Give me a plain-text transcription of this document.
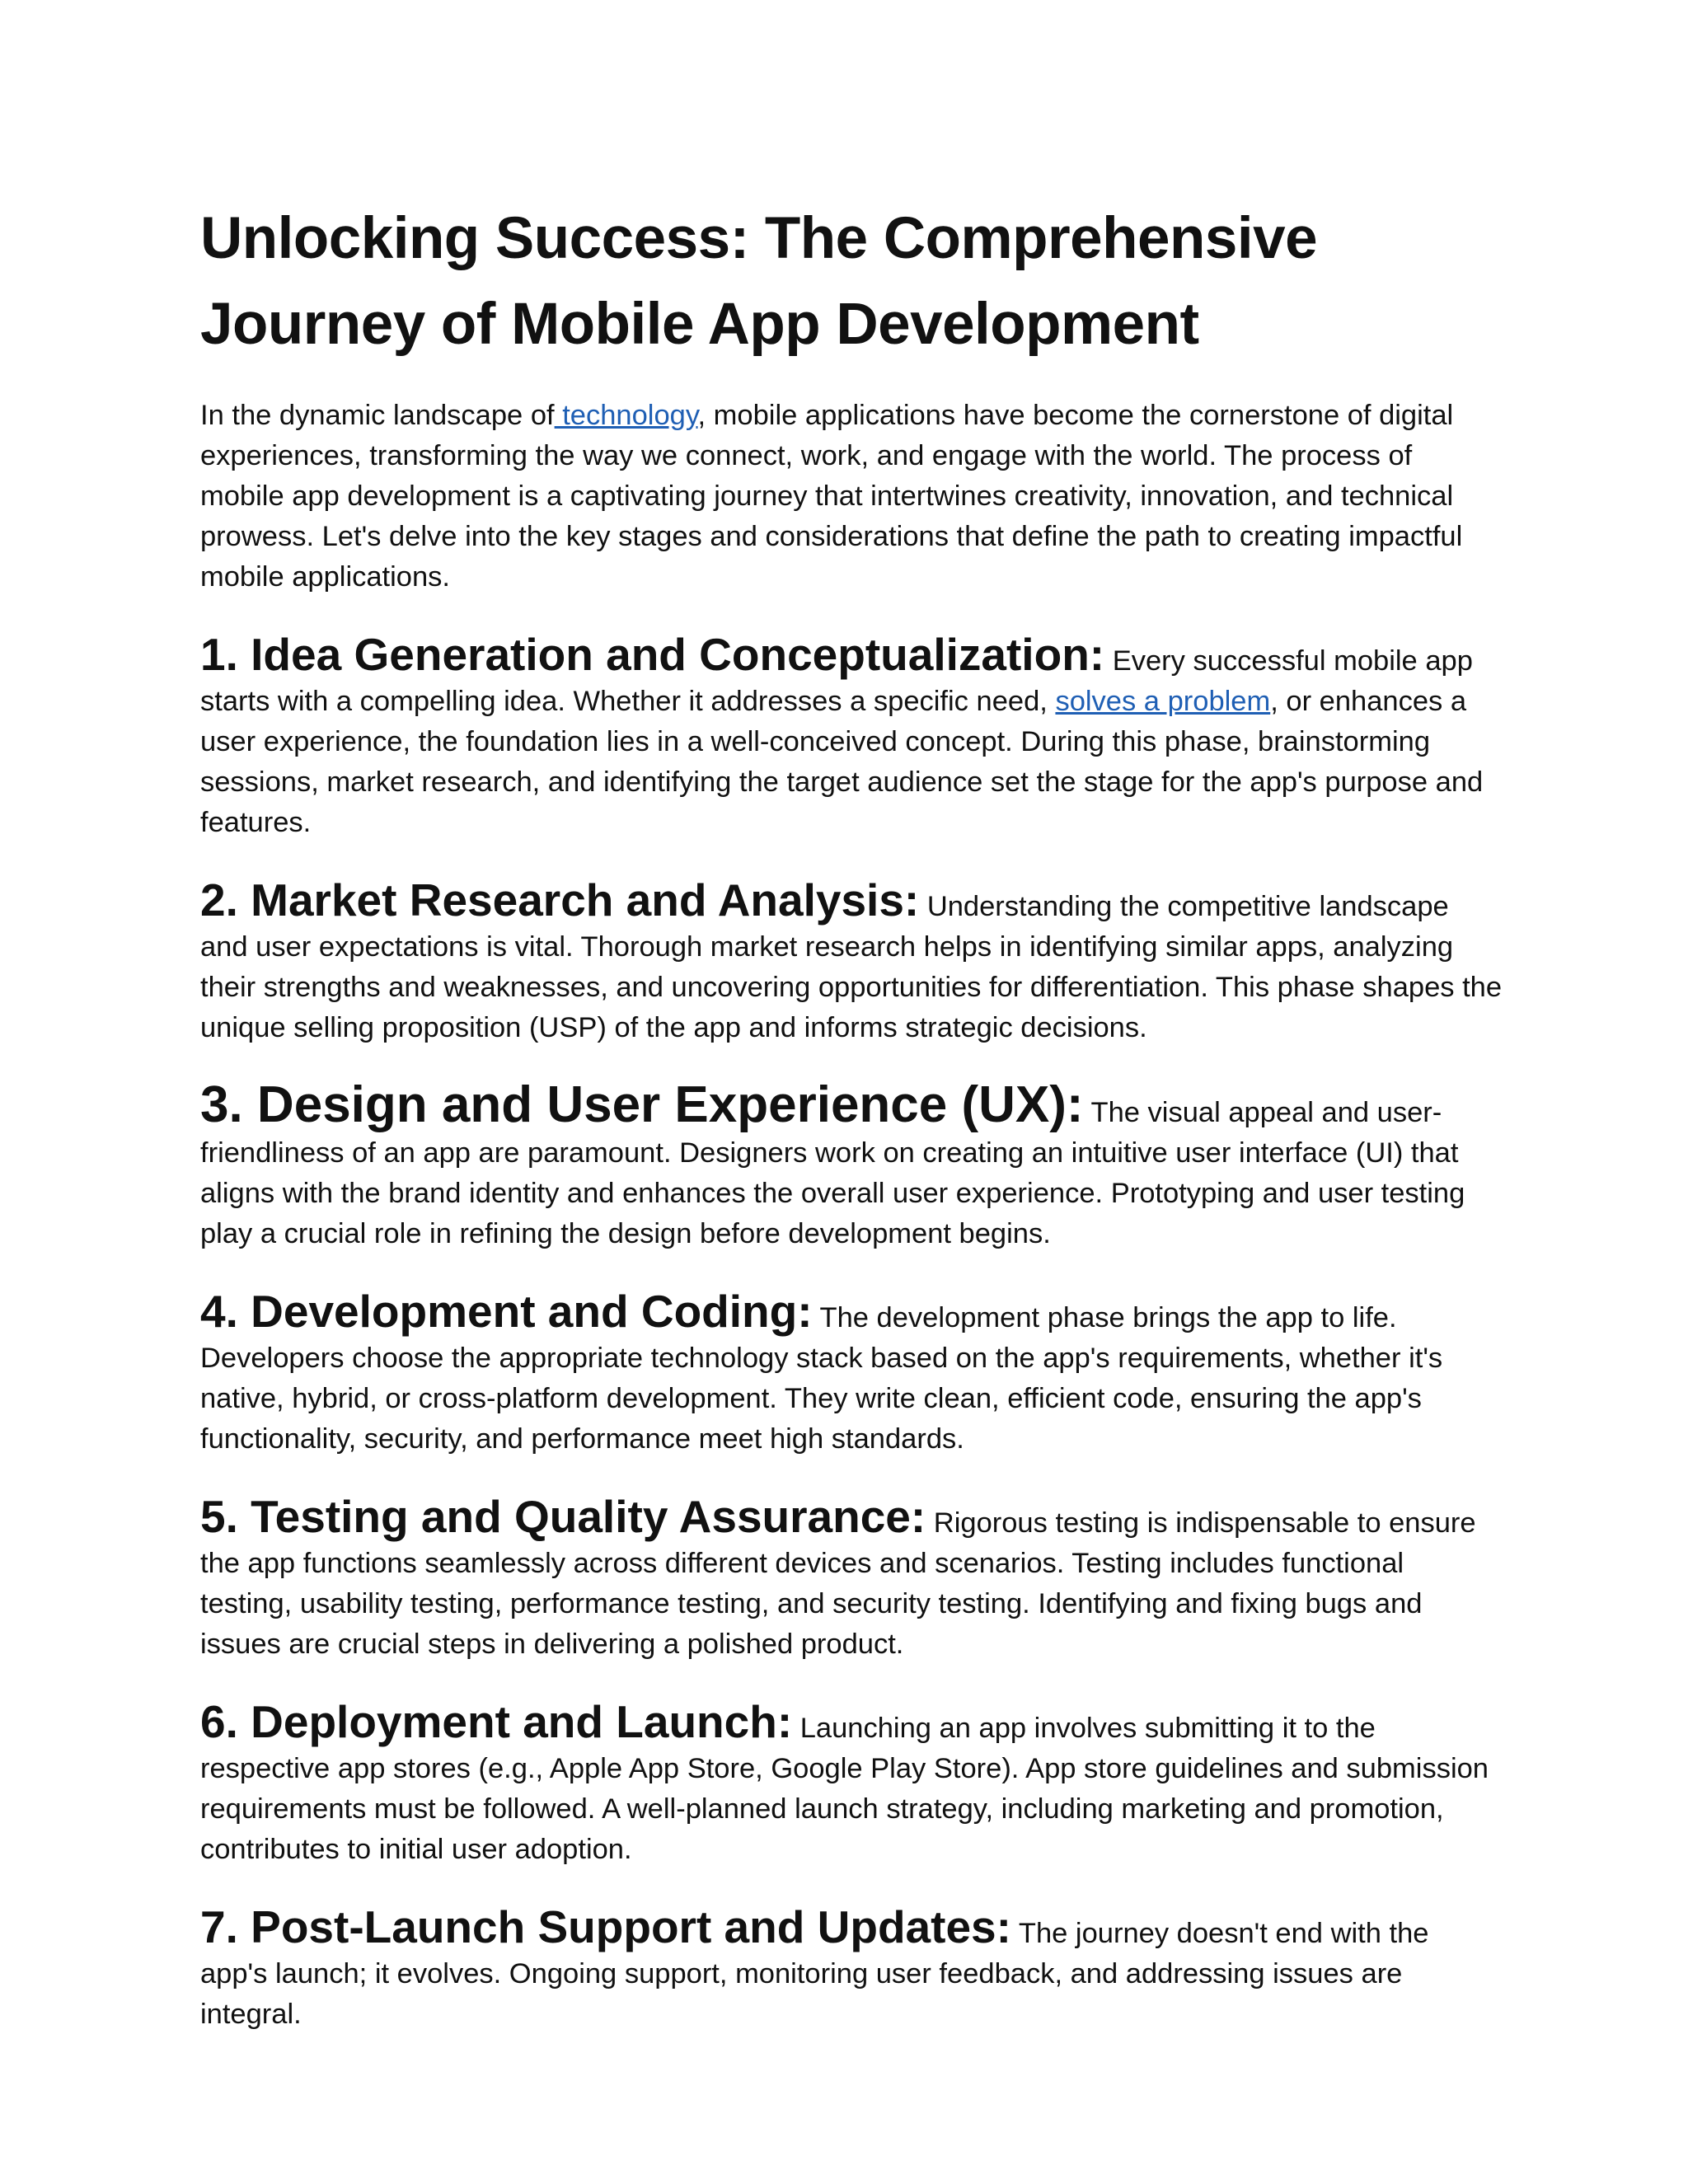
Unlocking Success: The Comprehensive Journey of Mobile App Development

In the dynamic landscape of technology, mobile applications have become the cornerstone of digital experiences, transforming the way we connect, work, and engage with the world. The process of mobile app development is a captivating journey that intertwines creativity, innovation, and technical prowess. Let's delve into the key stages and considerations that define the path to creating impactful mobile applications.

1. Idea Generation and Conceptualization: Every successful mobile app starts with a compelling idea. Whether it addresses a specific need, solves a problem, or enhances a user experience, the foundation lies in a well-conceived concept. During this phase, brainstorming sessions, market research, and identifying the target audience set the stage for the app's purpose and features.

2. Market Research and Analysis: Understanding the competitive landscape and user expectations is vital. Thorough market research helps in identifying similar apps, analyzing their strengths and weaknesses, and uncovering opportunities for differentiation. This phase shapes the unique selling proposition (USP) of the app and informs strategic decisions.

3. Design and User Experience (UX): The visual appeal and user-friendliness of an app are paramount. Designers work on creating an intuitive user interface (UI) that aligns with the brand identity and enhances the overall user experience. Prototyping and user testing play a crucial role in refining the design before development begins.

4. Development and Coding: The development phase brings the app to life. Developers choose the appropriate technology stack based on the app's requirements, whether it's native, hybrid, or cross-platform development. They write clean, efficient code, ensuring the app's functionality, security, and performance meet high standards.

5. Testing and Quality Assurance: Rigorous testing is indispensable to ensure the app functions seamlessly across different devices and scenarios. Testing includes functional testing, usability testing, performance testing, and security testing. Identifying and fixing bugs and issues are crucial steps in delivering a polished product.

6. Deployment and Launch: Launching an app involves submitting it to the respective app stores (e.g., Apple App Store, Google Play Store). App store guidelines and submission requirements must be followed. A well-planned launch strategy, including marketing and promotion, contributes to initial user adoption.

7. Post-Launch Support and Updates: The journey doesn't end with the app's launch; it evolves. Ongoing support, monitoring user feedback, and addressing issues are integral.
